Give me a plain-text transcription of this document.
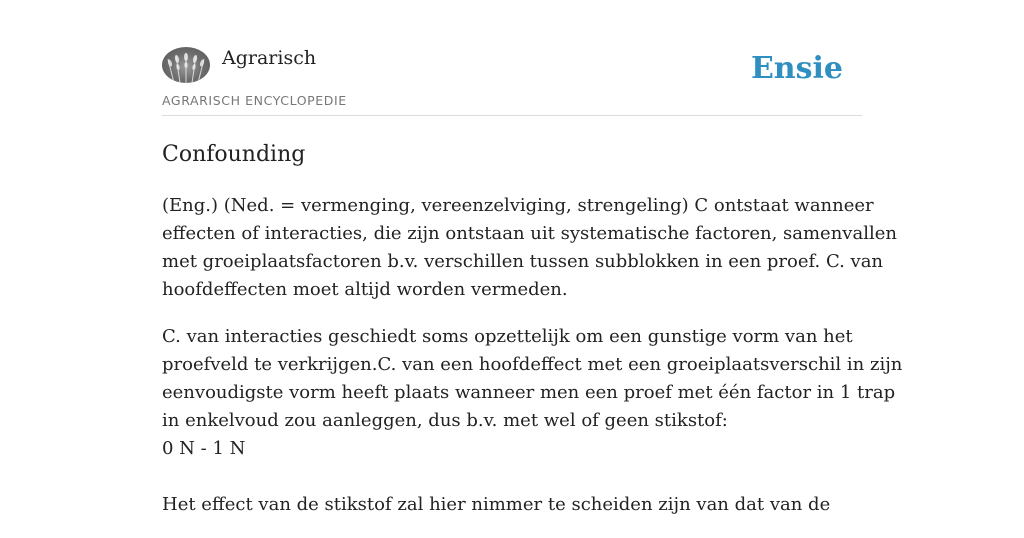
Agrarisch
AGRARISCH ENCYCLOPEDIE
Ensie
Confounding

(Eng.) (Ned. = vermenging, vereenzelviging, strengeling) C ontstaat wanneer
effecten of interacties, die zijn ontstaan uit systematische factoren, samenvallen
met groeiplaatsfactoren b.v. verschillen tussen subblokken in een proef. C. van
hoofdeffecten moet altijd worden vermeden.

C. van interacties geschiedt soms opzettelijk om een gunstige vorm van het
proefveld te verkrijgen.C. van een hoofdeffect met een groeiplaatsverschil in zijn
eenvoudigste vorm heeft plaats wanneer men een proef met één factor in 1 trap
in enkelvoud zou aanleggen, dus b.v. met wel of geen stikstof:
0 N - 1 N
Het effect van de stikstof zal hier nimmer te scheiden zijn van dat van de
